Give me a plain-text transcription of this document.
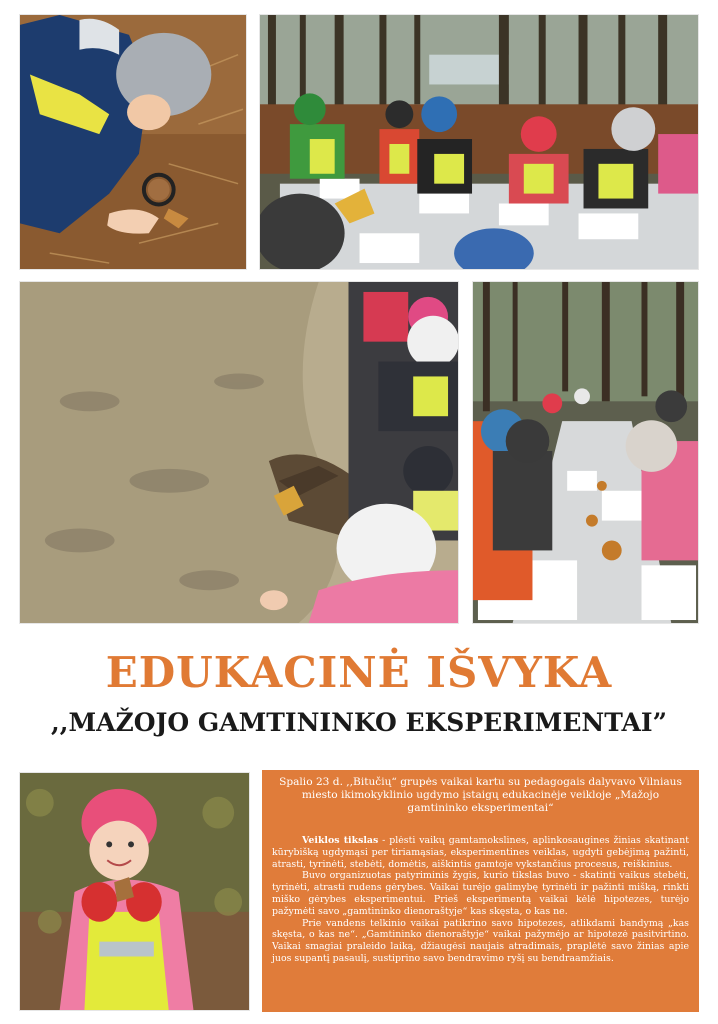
EDUKACINĖ IŠVYKA
,,MAŽOJO GAMTININKO EKSPERIMENTAI”

Spalio 23 d. ,,Bitučių“ grupės vaikai kartu su pedagogais dalyvavo Vilniaus miesto ikimokyklinio ugdymo įstaigų edukacinėje veikloje „Mažojo gamtininko eksperimentai“

Veiklos tikslas - plėsti vaikų gamtamokslines, aplinkosaugines žinias skatinant kūrybišką ugdymąsi per tiriamąsias, eksperimentines veiklas, ugdyti gebėjimą pažinti, atrasti, tyrinėti, stebėti, domėtis, aiškintis gamtoje vykstančius procesus, reiškinius.

Buvo organizuotas patyriminis žygis, kurio tikslas buvo - skatinti vaikus stebėti, tyrinėti, atrasti rudens gėrybes. Vaikai turėjo galimybę tyrinėti ir pažinti mišką, rinkti miško gėrybes eksperimentui. Prieš eksperimentą vaikai kėlė hipotezes, turėjo pažymėti savo „gamtininko dienoraštyje“ kas skęsta, o kas ne.

Prie vandens telkinio vaikai patikrino savo hipotezes, atlikdami bandymą „kas skęsta, o kas ne“. „Gamtininko dienoraštyje“ vaikai pažymėjo ar hipotezė pasitvirtino. Vaikai smagiai praleido laiką, džiaugėsi naujais atradimais, praplėtė savo žinias apie juos supantį pasaulį, sustiprino savo bendravimo ryšį su bendraamžiais.
